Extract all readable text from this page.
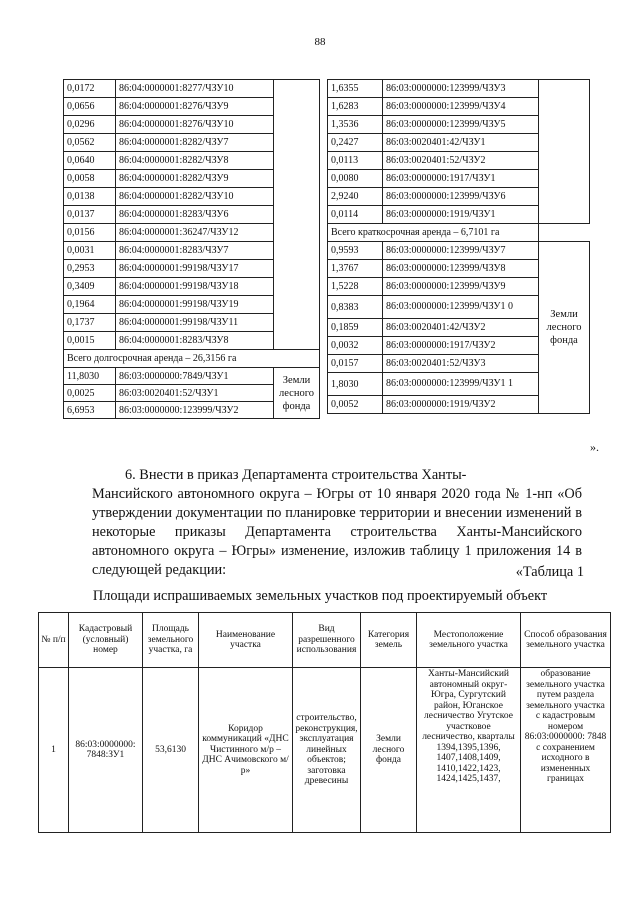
88
0,0172	86:04:0000001:8277/ЧЗУ10	
0,0656	86:04:0000001:8276/ЧЗУ9	
0,0296	86:04:0000001:8276/ЧЗУ10	
0,0562	86:04:0000001:8282/ЧЗУ7	
0,0640	86:04:0000001:8282/ЧЗУ8	
0,0058	86:04:0000001:8282/ЧЗУ9	
0,0138	86:04:0000001:8282/ЧЗУ10	
0,0137	86:04:0000001:8283/ЧЗУ6	
0,0156	86:04:0000001:36247/ЧЗУ12	
0,0031	86:04:0000001:8283/ЧЗУ7	
0,2953	86:04:0000001:99198/ЧЗУ17	
0,3409	86:04:0000001:99198/ЧЗУ18	
0,1964	86:04:0000001:99198/ЧЗУ19	
0,1737	86:04:0000001:99198/ЧЗУ11	
0,0015	86:04:0000001:8283/ЧЗУ8	
Всего долгосрочная аренда – 26,3156 га		
11,8030	86:03:0000000:7849/ЧЗУ1	Земли лесного фонда
0,0025	86:03:0020401:52/ЧЗУ1	
6,6953	86:03:0000000:123999/ЧЗУ2	
1,6355	86:03:0000000:123999/ЧЗУ3	
1,6283	86:03:0000000:123999/ЧЗУ4	
1,3536	86:03:0000000:123999/ЧЗУ5	
0,2427	86:03:0020401:42/ЧЗУ1	
0,0113	86:03:0020401:52/ЧЗУ2	
0,0080	86:03:0000000:1917/ЧЗУ1	
2,9240	86:03:0000000:123999/ЧЗУ6	
0,0114	86:03:0000000:1919/ЧЗУ1	
Всего краткосрочная аренда – 6,7101 га		
0,9593	86:03:0000000:123999/ЧЗУ7	Земли лесного фонда
1,3767	86:03:0000000:123999/ЧЗУ8	
1,5228	86:03:0000000:123999/ЧЗУ9	
0,8383	86:03:0000000:123999/ЧЗУ1 0	
0,1859	86:03:0020401:42/ЧЗУ2	
0,0032	86:03:0000000:1917/ЧЗУ2	
0,0157	86:03:0020401:52/ЧЗУ3	
1,8030	86:03:0000000:123999/ЧЗУ1 1	
0,0052	86:03:0000000:1919/ЧЗУ2	
».
6. Внести в приказ Департамента строительства Ханты-
Мансийского автономного округа – Югры от 10 января 2020 года № 1-нп «Об утверждении документации по планировке территории и внесении изменений в некоторые приказы Департамента строительства Ханты-Мансийского автономного округа – Югры» изменение, изложив таблицу 1 приложения 14 в следующей редакции:	«Таблица 1
Площади испрашиваемых земельных участков под проектируемый объект
№ п/п	Кадастровый (условный) номер	Площадь земельного участка, га	Наименование участка	Вид разрешенного использования	Категория земель	Местоположение земельного участка	Способ образования земельного участка
1	86:03:0000000: 7848:ЗУ1	53,6130	Коридор коммуникаций «ДНС Чистинного м/р – ДНС Ачимовского м/р»	строительство, реконструкция, эксплуатация линейных объектов; заготовка древесины	Земли лесного фонда	Ханты-Мансийский автономный округ-Югра, Сургутский район, Юганское лесничество Угутское участковое лесничество, кварталы 1394,1395,1396, 1407,1408,1409, 1410,1422,1423, 1424,1425,1437,	образование земельного участка путем раздела земельного участка с кадастровым номером 86:03:0000000: 7848 с сохранением исходного в измененных границах
